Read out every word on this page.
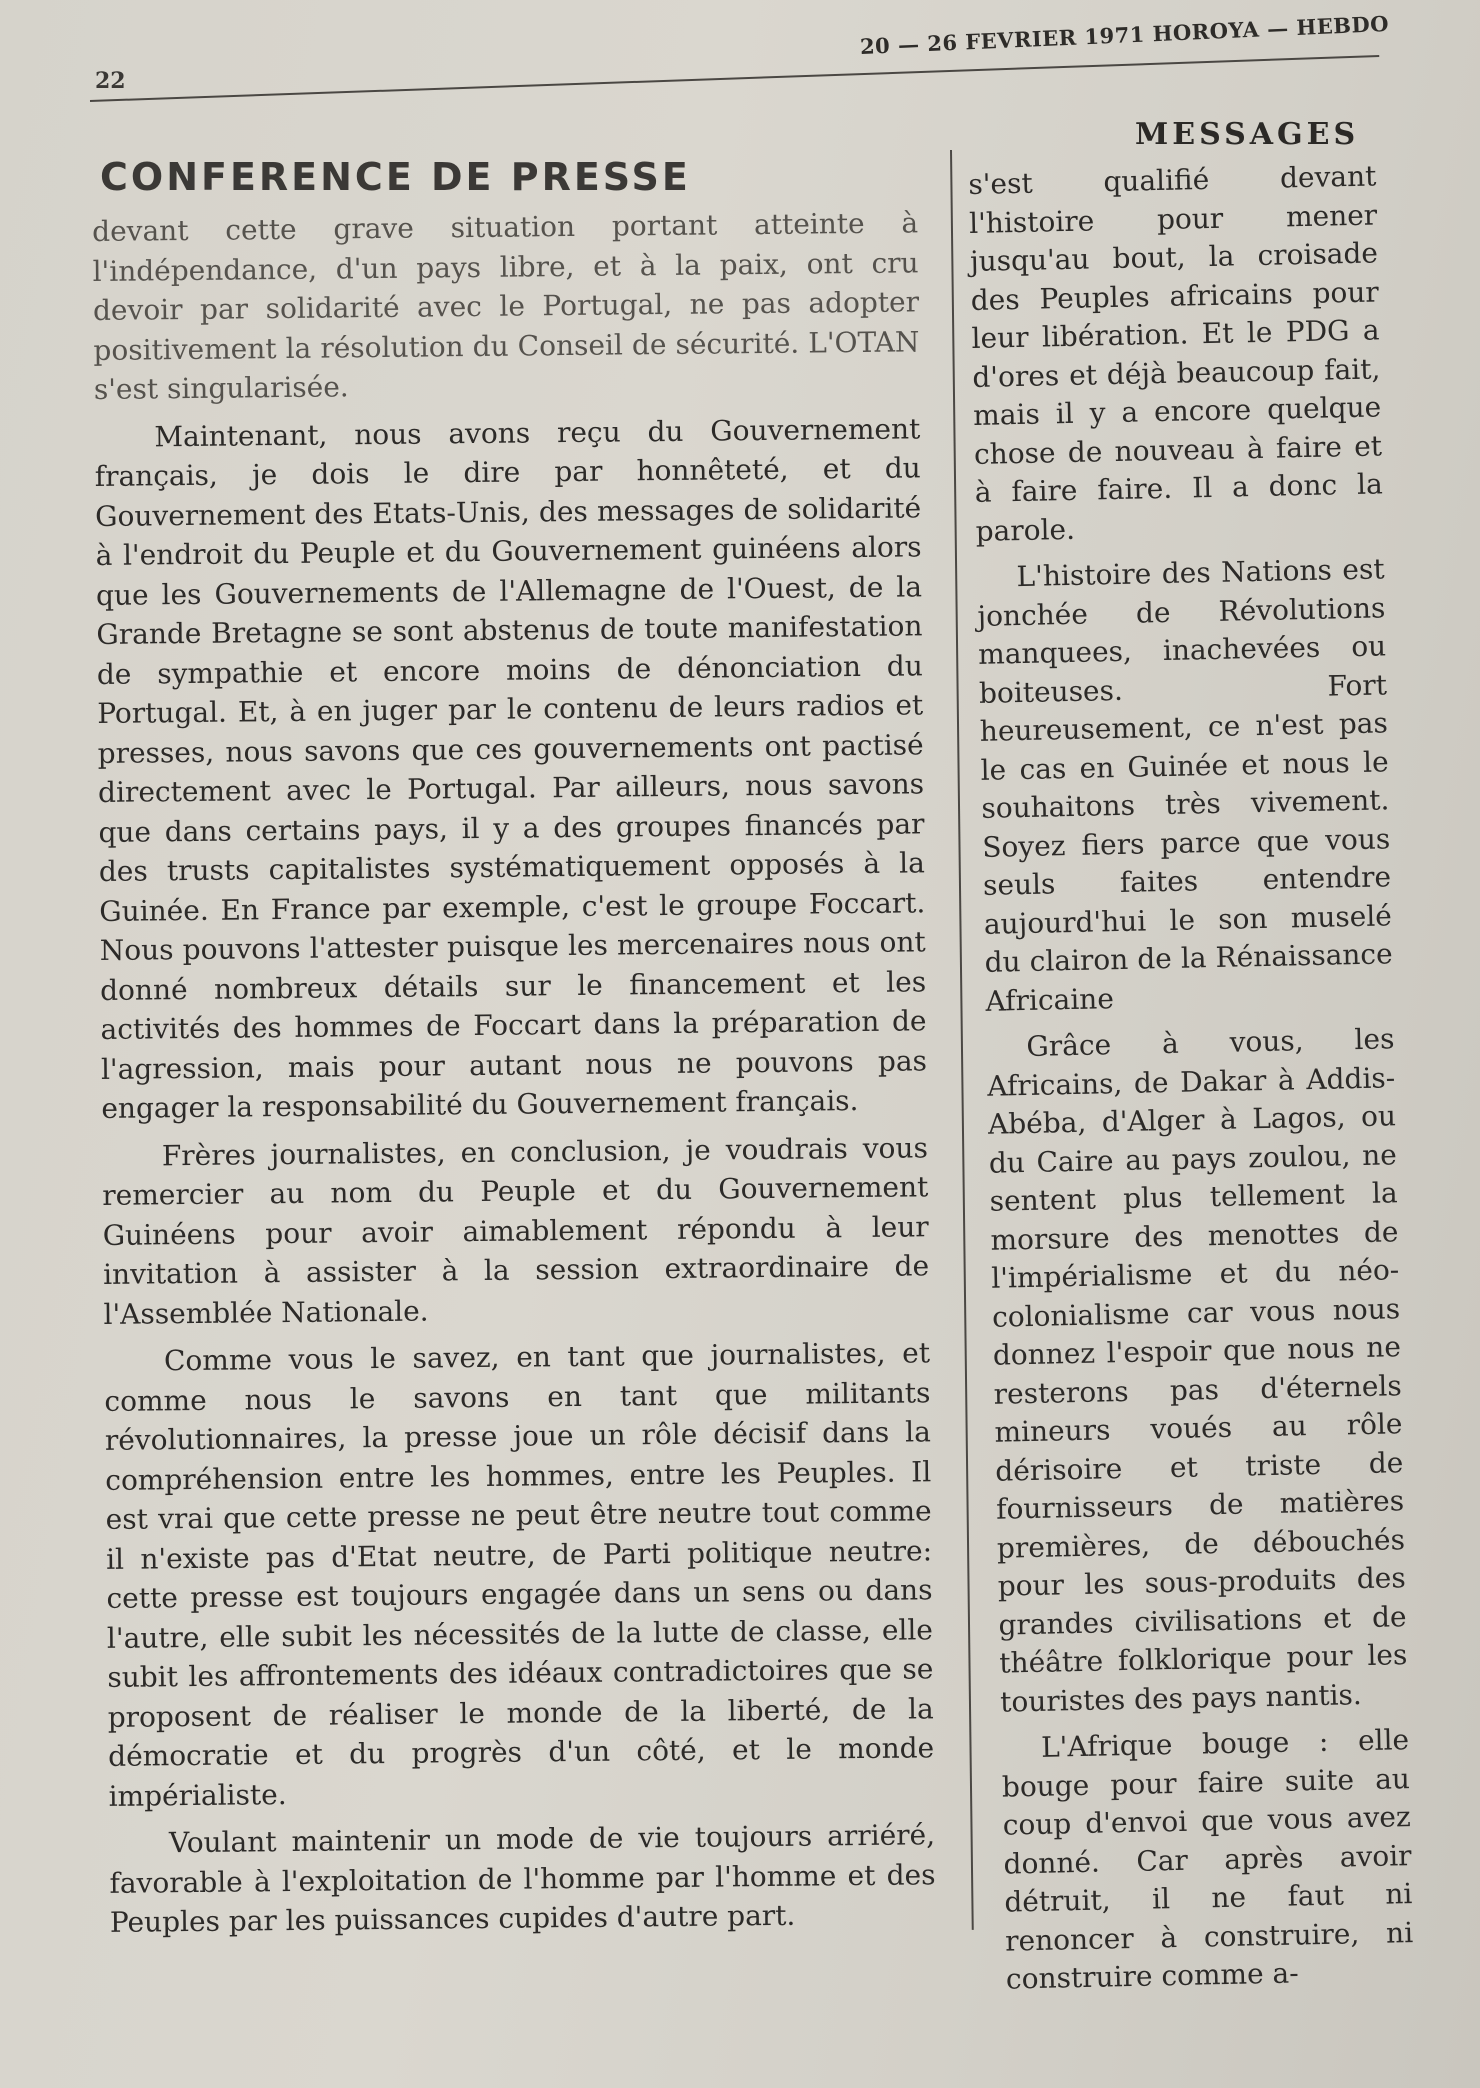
22
20 — 26 FEVRIER 1971 HOROYA — HEBDO
MESSAGES
CONFERENCE DE PRESSE

devant cette grave situation portant atteinte à l'indépendance, d'un pays libre, et à la paix, ont cru devoir par solidarité avec le Portugal, ne pas adopter positivement la résolution du Conseil de sécurité. L'OTAN s'est singularisée.

Maintenant, nous avons reçu du Gouvernement français, je dois le dire par honnêteté, et du Gouvernement des Etats-Unis, des messages de solidarité à l'endroit du Peuple et du Gouvernement guinéens alors que les Gouvernements de l'Allemagne de l'Ouest, de la Grande Bretagne se sont abstenus de toute manifestation de sympathie et encore moins de dénonciation du Portugal. Et, à en juger par le contenu de leurs radios et presses, nous savons que ces gouvernements ont pactisé directement avec le Portugal. Par ailleurs, nous savons que dans certains pays, il y a des groupes financés par des trusts capitalistes systématiquement opposés à la Guinée. En France par exemple, c'est le groupe Foccart. Nous pouvons l'attester puisque les mercenaires nous ont donné nombreux détails sur le financement et les activités des hommes de Foccart dans la préparation de l'agression, mais pour autant nous ne pouvons pas engager la responsabilité du Gouvernement français.

Frères journalistes, en conclusion, je voudrais vous remercier au nom du Peuple et du Gouvernement Guinéens pour avoir aimablement répondu à leur invitation à assister à la session extraordinaire de l'Assemblée Nationale.

Comme vous le savez, en tant que journalistes, et comme nous le savons en tant que militants révolutionnaires, la presse joue un rôle décisif dans la compréhension entre les hommes, entre les Peuples. Il est vrai que cette presse ne peut être neutre tout comme il n'existe pas d'Etat neutre, de Parti politique neutre: cette presse est toujours engagée dans un sens ou dans l'autre, elle subit les nécessités de la lutte de classe, elle subit les affrontements des idéaux contradictoires que se proposent de réaliser le monde de la liberté, de la démocratie et du progrès d'un côté, et le monde impérialiste.

Voulant maintenir un mode de vie toujours arriéré, favorable à l'exploitation de l'homme par l'homme et des Peuples par les puissances cupides d'autre part.

s'est qualifié devant l'histoire pour mener jusqu'au bout, la croisade des Peuples africains pour leur libération. Et le PDG a d'ores et déjà beaucoup fait, mais il y a encore quelque chose de nouveau à faire et à faire faire. Il a donc la parole.

L'histoire des Nations est jonchée de Révolutions manquees, inachevées ou boiteuses. Fort heureusement, ce n'est pas le cas en Guinée et nous le souhaitons très vivement. Soyez fiers parce que vous seuls faites entendre aujourd'hui le son muselé du clairon de la Rénaissance Africaine

Grâce à vous, les Africains, de Dakar à Addis-Abéba, d'Alger à Lagos, ou du Caire au pays zoulou, ne sentent plus tellement la morsure des menottes de l'impérialisme et du néo-colonialisme car vous nous donnez l'espoir que nous ne resterons pas d'éternels mineurs voués au rôle dérisoire et triste de fournisseurs de matières premières, de débouchés pour les sous-produits des grandes civilisations et de théâtre folklorique pour les touristes des pays nantis.

L'Afrique bouge : elle bouge pour faire suite au coup d'envoi que vous avez donné. Car après avoir détruit, il ne faut ni renoncer à construire, ni construire comme a-
